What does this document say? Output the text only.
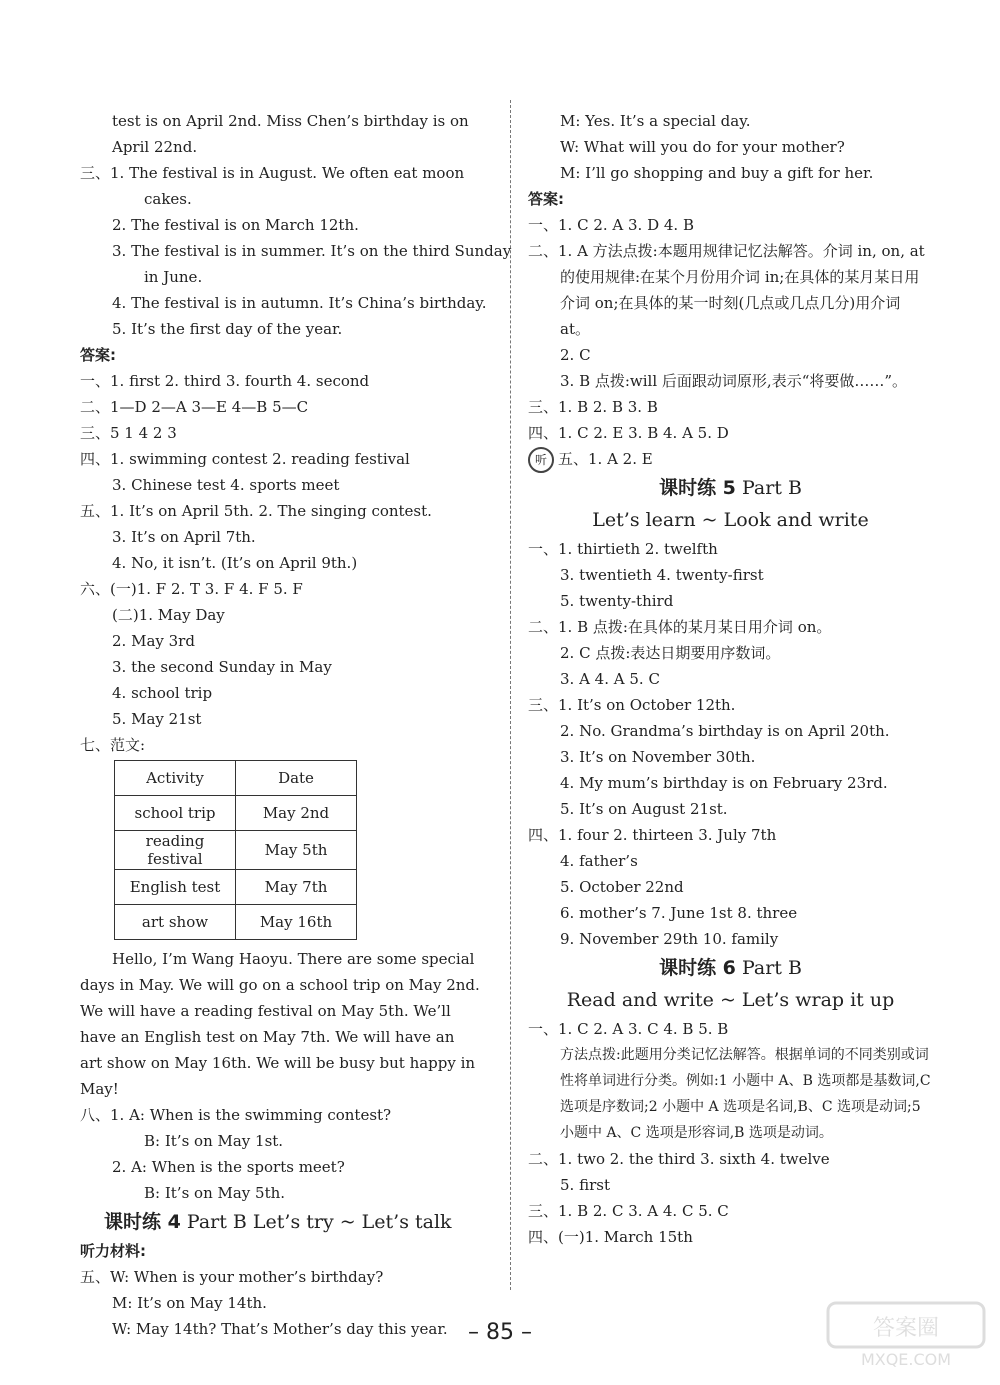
test is on April 2nd. Miss Chen’s birthday is on
April 22nd.
三、1. The festival is in August. We often eat moon
cakes.
2. The festival is on March 12th.
3. The festival is in summer. It’s on the third Sunday
in June.
4. The festival is in autumn. It’s China’s birthday.
5. It’s the first day of the year.
答案:
一、1. first 2. third 3. fourth 4. second
二、1—D 2—A 3—E 4—B 5—C
三、5 1 4 2 3
四、1. swimming contest 2. reading festival
3. Chinese test 4. sports meet
五、1. It’s on April 5th. 2. The singing contest.
3. It’s on April 7th.
4. No, it isn’t. (It’s on April 9th.)
六、(一)1. F 2. T 3. F 4. F 5. F
(二)1. May Day
2. May 3rd
3. the second Sunday in May
4. school trip
5. May 21st
七、范文:
Activity	Date
school trip	May 2nd
reading festival	May 5th
English test	May 7th
art show	May 16th
Hello, I’m Wang Haoyu. There are some special days in May. We will go on a school trip on May 2nd. We will have a reading festival on May 5th. We’ll have an English test on May 7th. We will have an art show on May 16th. We will be busy but happy in May!
八、1. A: When is the swimming contest?
B: It’s on May 1st.
2. A: When is the sports meet?
B: It’s on May 5th.
课时练 4 Part B Let’s try ~ Let’s talk
听力材料:
五、W: When is your mother’s birthday?
M: It’s on May 14th.
W: May 14th? That’s Mother’s day this year.
M: Yes. It’s a special day.
W: What will you do for your mother?
M: I’ll go shopping and buy a gift for her.
答案:
一、1. C 2. A 3. D 4. B
二、1. A 方法点拨:本题用规律记忆法解答。介词 in, on, at 的使用规律:在某个月份用介词 in;在具体的某月某日用介词 on;在具体的某一时刻(几点或几点几分)用介词 at。
2. C
3. B 点拨:will 后面跟动词原形,表示“将要做……”。
三、1. B 2. B 3. B
四、1. C 2. E 3. B 4. A 5. D
听 五、1. A 2. E
课时练 5 Part B
Let’s learn ~ Look and write
一、1. thirtieth 2. twelfth
3. twentieth 4. twenty-first
5. twenty-third
二、1. B 点拨:在具体的某月某日用介词 on。
2. C 点拨:表达日期要用序数词。
3. A 4. A 5. C
三、1. It’s on October 12th.
2. No. Grandma’s birthday is on April 20th.
3. It’s on November 30th.
4. My mum’s birthday is on February 23rd.
5. It’s on August 21st.
四、1. four 2. thirteen 3. July 7th
4. father’s
5. October 22nd
6. mother’s 7. June 1st 8. three
9. November 29th 10. family
课时练 6 Part B
Read and write ~ Let’s wrap it up
一、1. C 2. A 3. C 4. B 5. B
方法点拨:此题用分类记忆法解答。根据单词的不同类别或词性将单词进行分类。例如:1 小题中 A、B 选项都是基数词,C 选项是序数词;2 小题中 A 选项是名词,B、C 选项是动词;5 小题中 A、C 选项是形容词,B 选项是动词。
二、1. two 2. the third 3. sixth 4. twelve
5. first
三、1. B 2. C 3. A 4. C 5. C
四、(一)1. March 15th
– 85 –
MXQE.COM
答案圈
